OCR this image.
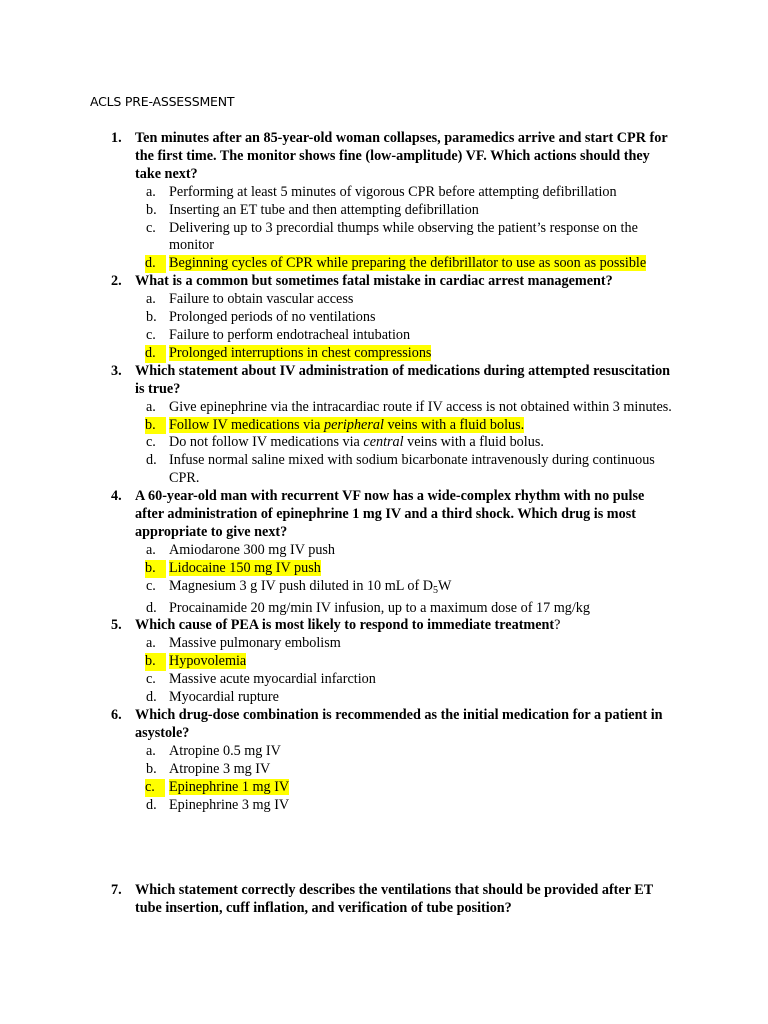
ACLS PRE-ASSESSMENT
1. Ten minutes after an 85-year-old woman collapses, paramedics arrive and start CPR for the first time. The monitor shows fine (low-amplitude) VF. Which actions should they take next?
a. Performing at least 5 minutes of vigorous CPR before attempting defibrillation
b. Inserting an ET tube and then attempting defibrillation
c. Delivering up to 3 precordial thumps while observing the patient’s response on the monitor
d. Beginning cycles of CPR while preparing the defibrillator to use as soon as possible
2. What is a common but sometimes fatal mistake in cardiac arrest management?
a. Failure to obtain vascular access
b. Prolonged periods of no ventilations
c. Failure to perform endotracheal intubation
d. Prolonged interruptions in chest compressions
3. Which statement about IV administration of medications during attempted resuscitation is true?
a. Give epinephrine via the intracardiac route if IV access is not obtained within 3 minutes.
b. Follow IV medications via peripheral veins with a fluid bolus.
c. Do not follow IV medications via central veins with a fluid bolus.
d. Infuse normal saline mixed with sodium bicarbonate intravenously during continuous CPR.
4. A 60-year-old man with recurrent VF now has a wide-complex rhythm with no pulse after administration of epinephrine 1 mg IV and a third shock. Which drug is most appropriate to give next?
a. Amiodarone 300 mg IV push
b. Lidocaine 150 mg IV push
c. Magnesium 3 g IV push diluted in 10 mL of $D_5W$
d. Procainamide 20 mg/min IV infusion, up to a maximum dose of 17 mg/kg
5. Which cause of PEA is most likely to respond to immediate treatment?
a. Massive pulmonary embolism
b. Hypovolemia
c. Massive acute myocardial infarction
d. Myocardial rupture
6. Which drug-dose combination is recommended as the initial medication for a patient in asystole?
a. Atropine 0.5 mg IV
b. Atropine 3 mg IV
c. Epinephrine 1 mg IV
d. Epinephrine 3 mg IV
7. Which statement correctly describes the ventilations that should be provided after ET tube insertion, cuff inflation, and verification of tube position?
